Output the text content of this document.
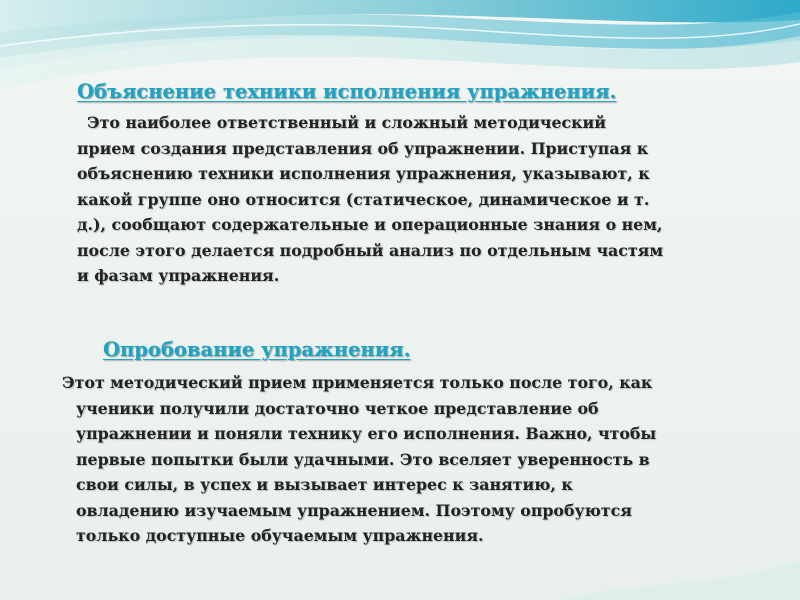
Объяснение техники исполнения упражнения.
Это наиболее ответственный и сложный методический
прием создания представления об упражнении. Приступая к
объяснению техники исполнения упражнения, указывают, к
какой группе оно относится (статическое, динамическое и т.
д.), сообщают содержательные и операционные знания о нем,
после этого делается подробный анализ по отдельным частям
и фазам упражнения.
Опробование упражнения.
Этот методический прием применяется только после того, как
ученики получили достаточно четкое представление об
упражнении и поняли технику его исполнения. Важно, чтобы
первые попытки были удачными. Это вселяет уверенность в
свои силы, в успех и вызывает интерес к занятию, к
овладению изучаемым упражнением. Поэтому опробуются
только доступные обучаемым упражнения.
